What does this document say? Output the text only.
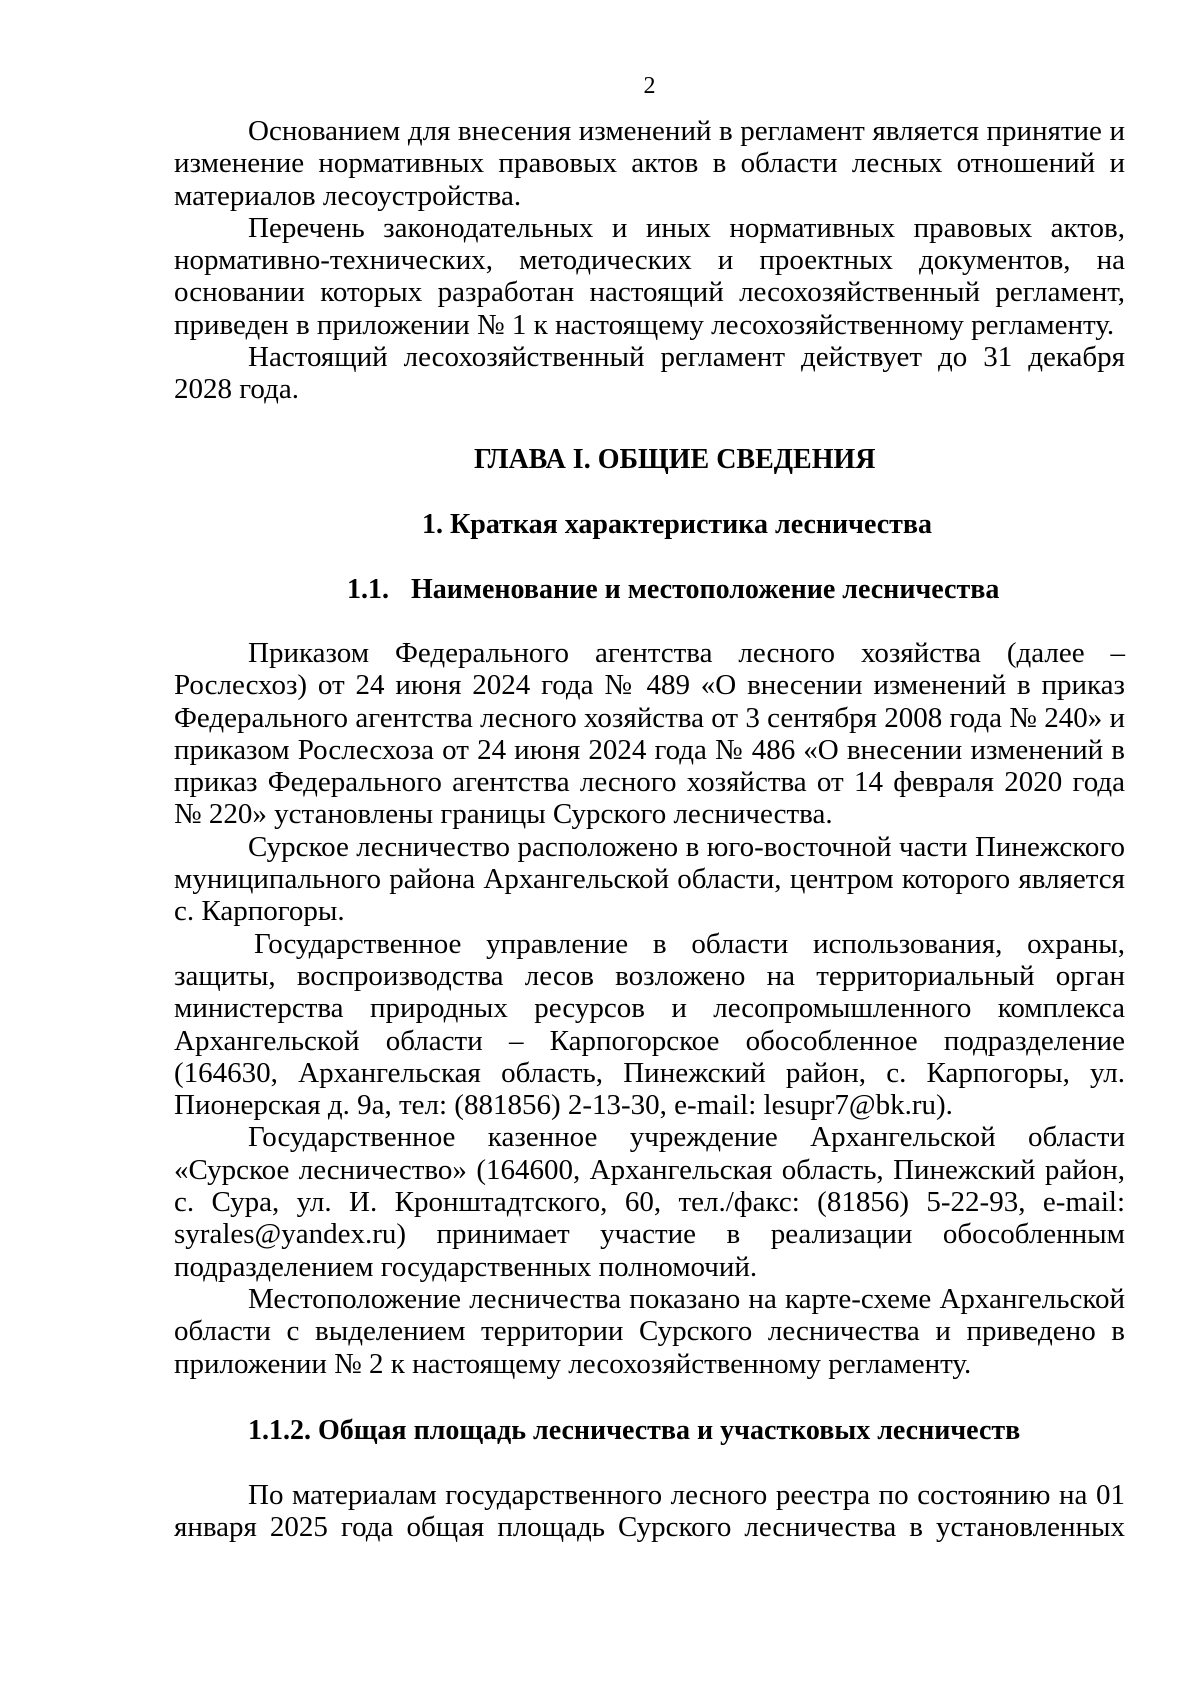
2

Основанием для внесения изменений в регламент является принятие и изменение нормативных правовых актов в области лесных отношений и материалов лесоустройства.

Перечень законодательных и иных нормативных правовых актов, нормативно-технических, методических и проектных документов, на основании которых разработан настоящий лесохозяйственный регламент, приведен в приложении № 1 к настоящему лесохозяйственному регламенту.

Настоящий лесохозяйственный регламент действует до 31 декабря 2028 года.

ГЛАВА I. ОБЩИЕ СВЕДЕНИЯ
1. Краткая характеристика лесничества
1.1. Наименование и местоположение лесничества

Приказом Федерального агентства лесного хозяйства (далее – Рослесхоз) от 24 июня 2024 года № 489 «О внесении изменений в приказ Федерального агентства лесного хозяйства от 3 сентября 2008 года № 240» и приказом Рослесхоза от 24 июня 2024 года № 486 «О внесении изменений в приказ Федерального агентства лесного хозяйства от 14 февраля 2020 года № 220» установлены границы Сурского лесничества.

Сурское лесничество расположено в юго-восточной части Пинежского муниципального района Архангельской области, центром которого является с. Карпогоры.

Государственное управление в области использования, охраны, защиты, воспроизводства лесов возложено на территориальный орган министерства природных ресурсов и лесопромышленного комплекса Архангельской области – Карпогорское обособленное подразделение (164630, Архангельская область, Пинежский район, с. Карпогоры, ул. Пионерская д. 9а, тел: (881856) 2-13-30, e-mail: lesupr7@bk.ru).

Государственное казенное учреждение Архангельской области «Сурское лесничество» (164600, Архангельская область, Пинежский район, с. Сура, ул. И. Кронштадтского, 60, тел./факс: (81856) 5-22-93, e-mail: syrales@yandex.ru) принимает участие в реализации обособленным подразделением государственных полномочий.

Местоположение лесничества показано на карте-схеме Архангельской области с выделением территории Сурского лесничества и приведено в приложении № 2 к настоящему лесохозяйственному регламенту.

1.1.2. Общая площадь лесничества и участковых лесничеств

По материалам государственного лесного реестра по состоянию на 01 января 2025 года общая площадь Сурского лесничества в установленных
